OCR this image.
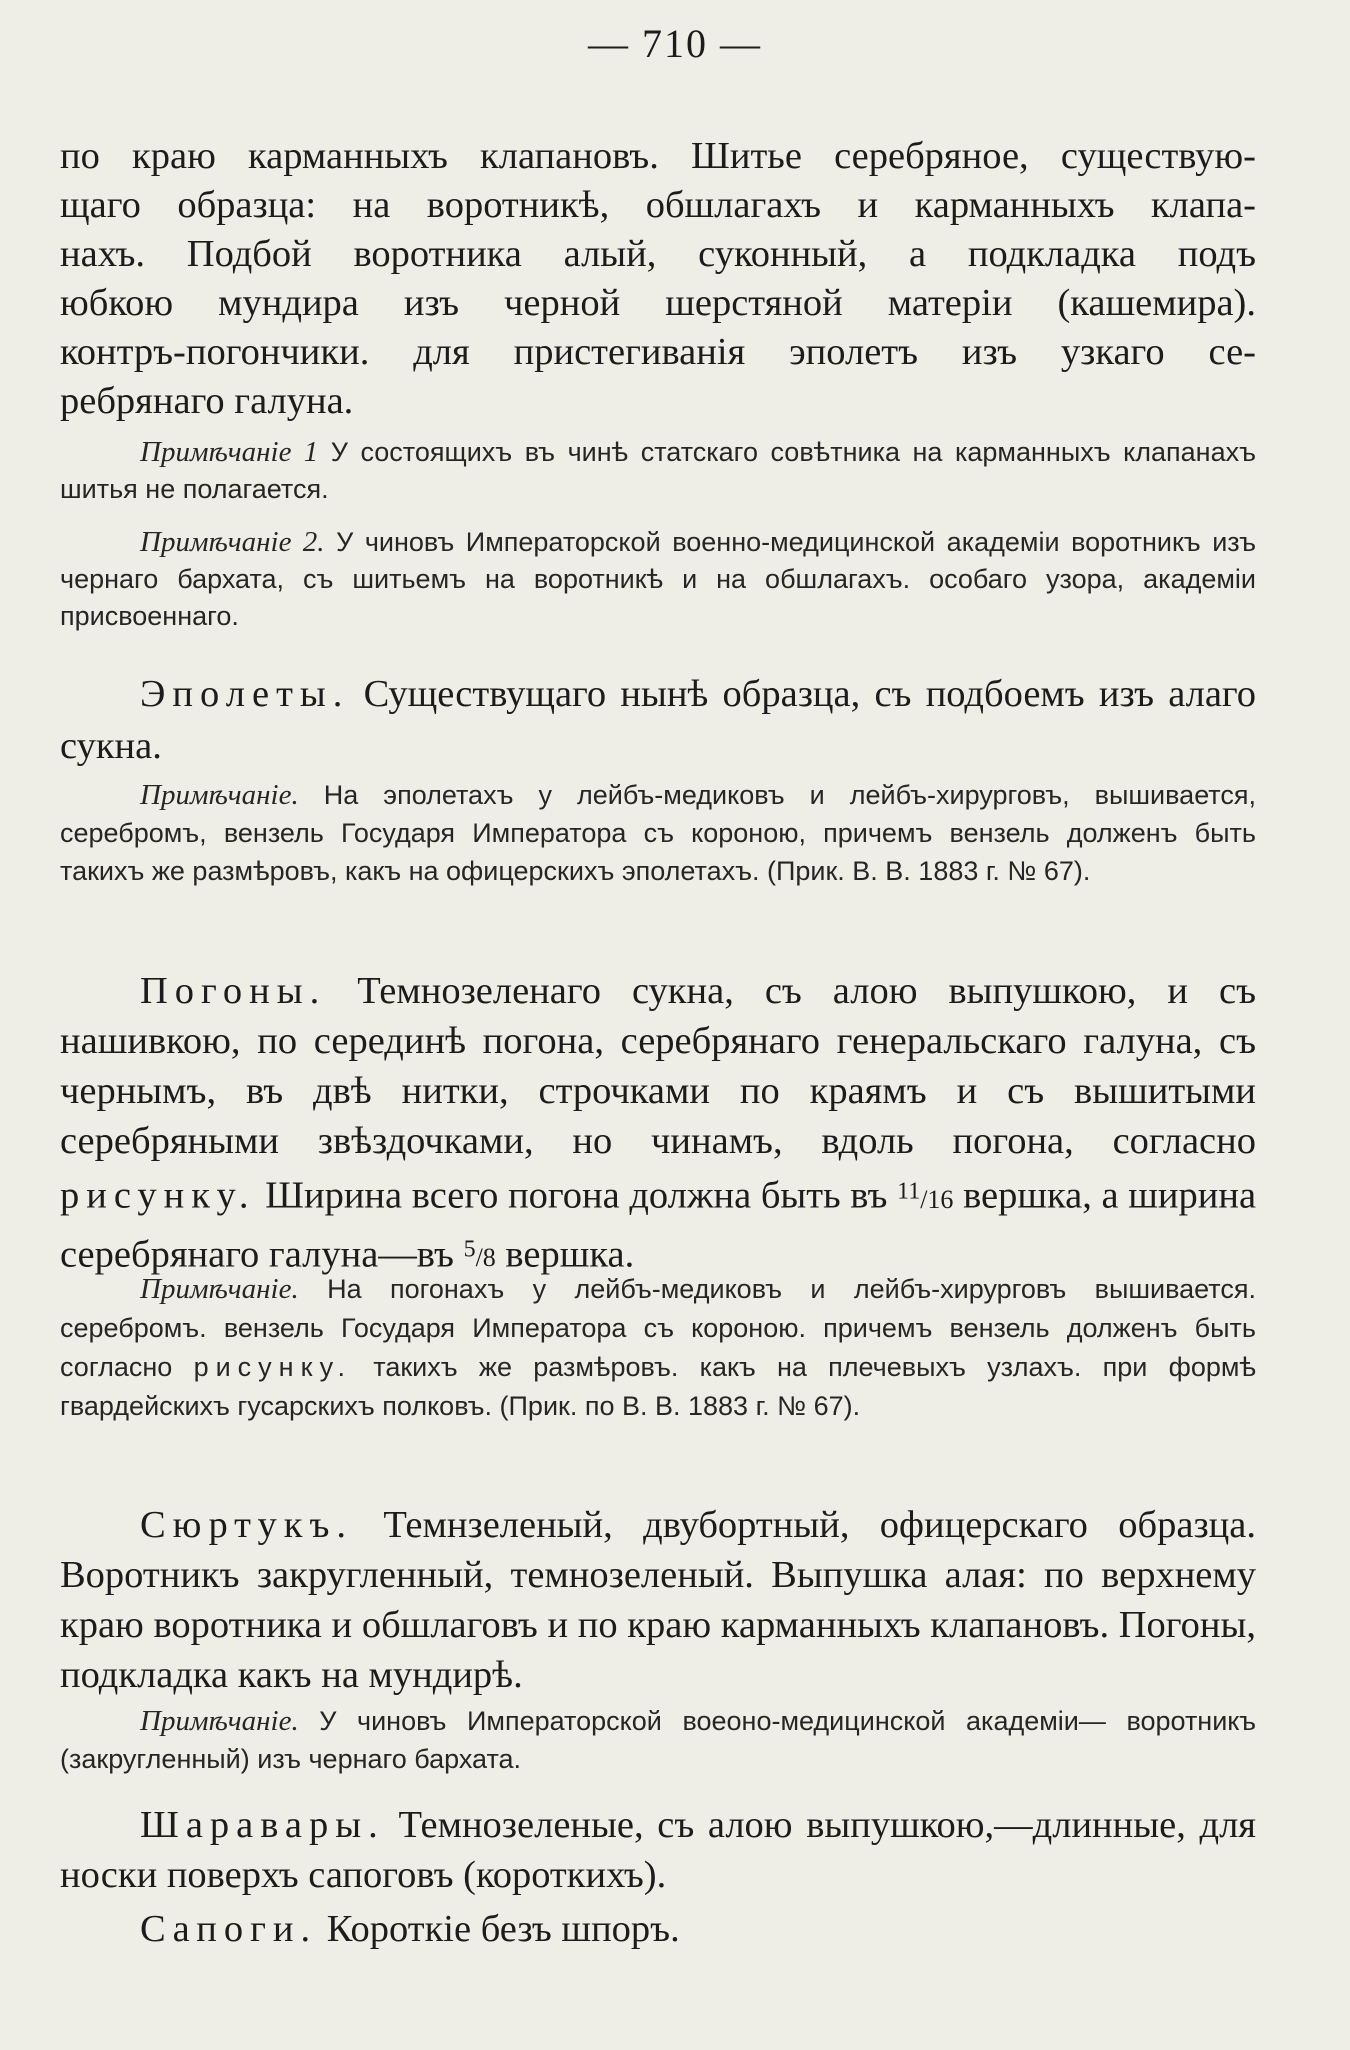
— 710 —

по краю карманныхъ клапановъ. Шитье серебряное, существую-

щаго образца: на воротникѣ, обшлагахъ и карманныхъ клапа-

нахъ. Подбой воротника алый, суконный, а подкладка подъ

юбкою мундира изъ черной шерстяной матеріи (кашемира).

контръ-погончики. для пристегиванія эполетъ изъ узкаго се-

ребрянаго галуна.

Примѣчаніе 1 У состоящихъ въ чинѣ статскаго совѣтника на карманныхъ клапанахъ шитья не полагается.

Примѣчаніе 2. У чиновъ Императорской военно-медицинской академіи воротникъ изъ чернаго бархата, съ шитьемъ на воротникѣ и на обшлагахъ. особаго узора, академіи присвоеннаго.

Эполеты. Существущаго нынѣ образца, съ подбоемъ изъ алаго сукна.

Примѣчаніе. На эполетахъ у лейбъ-медиковъ и лейбъ-хирурговъ, вышивается, серебромъ, вензель Государя Императора съ короною, причемъ вензель долженъ быть такихъ же размѣровъ, какъ на офицерскихъ эполетахъ. (Прик. В. В. 1883 г. № 67).

Погоны. Темнозеленаго сукна, съ алою выпушкою, и съ нашивкою, по серединѣ погона, серебрянаго генеральскаго галуна, съ чернымъ, въ двѣ нитки, строчками по краямъ и съ вышитыми серебряными звѣздочками, но чинамъ, вдоль погона, согласно рисунку. Ширина всего погона должна быть въ $^{11}$/16 вершка, а ширина серебрянаго галуна—въ $^5$/8 вершка.

Примѣчаніе. На погонахъ у лейбъ-медиковъ и лейбъ-хирурговъ вышивается. серебромъ. вензель Государя Императора съ короною. причемъ вензель долженъ быть согласно рисунку. такихъ же размѣровъ. какъ на плечевыхъ узлахъ. при формѣ гвардейскихъ гусарскихъ полковъ. (Прик. по В. В. 1883 г. № 67).

Сюртукъ. Темнзеленый, двубортный, офицерскаго образца. Воротникъ закругленный, темнозеленый. Выпушка алая: по верхнему краю воротника и обшлаговъ и по краю карманныхъ клапановъ. Погоны, подкладка какъ на мундирѣ.

Примѣчаніе. У чиновъ Императорской воеоно-медицинской академіи— воротникъ (закругленный) изъ чернаго бархата.

Шаравары. Темнозеленые, съ алою выпушкою,—длинные, для носки поверхъ сапоговъ (короткихъ).

Сапоги. Короткіе безъ шпоръ.
